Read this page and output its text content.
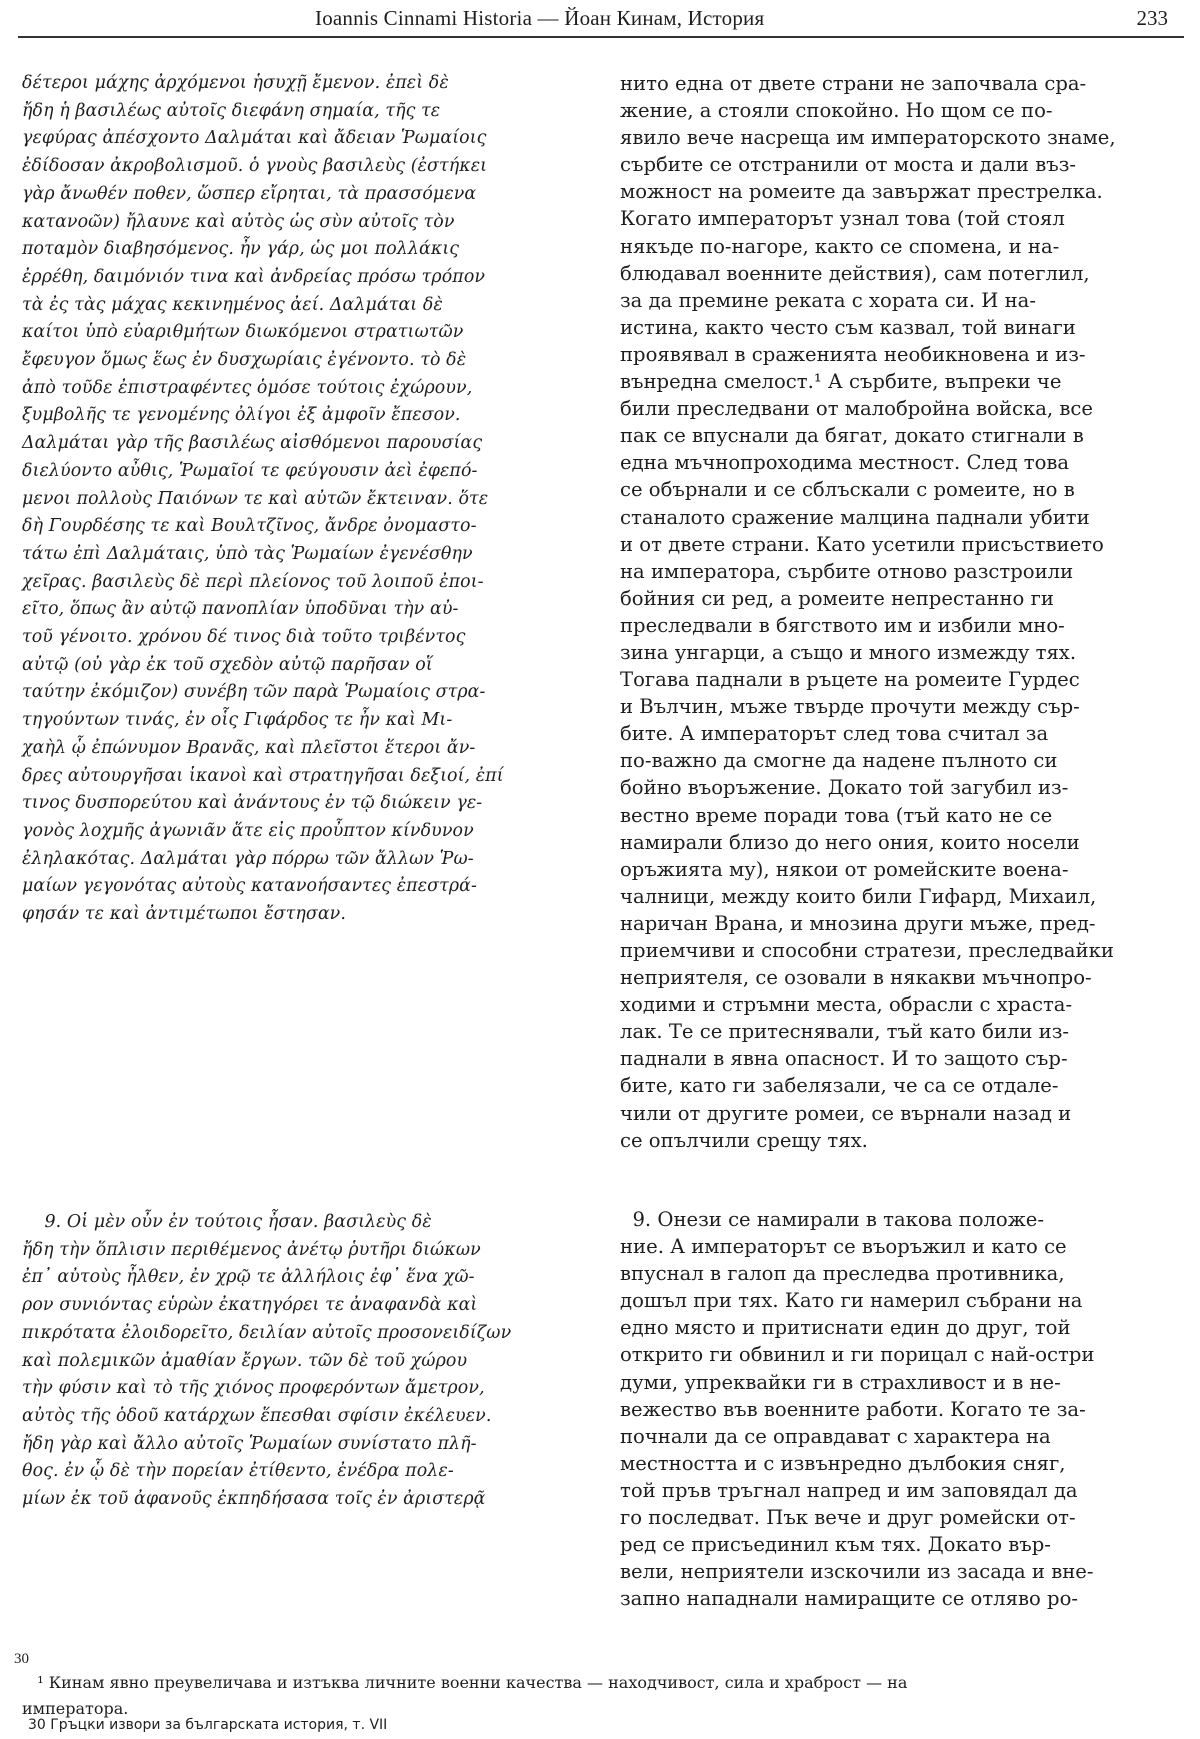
Ioannis Cinnami Historia — Йоан Кинам, История	233

δέτεροι μάχης ἀρχόμενοι ἡσυχῇ ἔμενον. ἐπεὶ δὲ

ἤδη ἡ βασιλέως αὐτοῖς διεφάνη σημαία, τῆς τε

γεφύρας ἀπέσχοντο Δαλμάται καὶ ἄδειαν Ῥωμαίοις

ἐδίδοσαν ἀκροβολισμοῦ. ὁ γνοὺς βασιλεὺς (ἐστήκει

γὰρ ἄνωθέν ποθεν, ὥσπερ εἴρηται, τὰ πρασσόμενα

κατανοῶν) ἤλαυνε καὶ αὐτὸς ὡς σὺν αὐτοῖς τὸν

ποταμὸν διαβησόμενος. ἦν γάρ, ὡς μοι πολλάκις

ἐρρέθη, δαιμόνιόν τινα καὶ ἀνδρείας πρόσω τρόπον

τὰ ἐς τὰς μάχας κεκινημένος ἀεί. Δαλμάται δὲ

καίτοι ὑπὸ εὐαριθμήτων διωκόμενοι στρατιωτῶν

ἔφευγον ὅμως ἕως ἐν δυσχωρίαις ἐγένοντο. τὸ δὲ

ἀπὸ τοῦδε ἐπιστραφέντες ὁμόσε τούτοις ἐχώρουν,

ξυμβολῆς τε γενομένης ὀλίγοι ἐξ ἀμφοῖν ἔπεσον.

Δαλμάται γὰρ τῆς βασιλέως αἰσθόμενοι παρουσίας

διελύοντο αὖθις, Ῥωμαῖοί τε φεύγουσιν ἀεὶ ἐφεπό-

μενοι πολλοὺς Παιόνων τε καὶ αὐτῶν ἔκτειναν. ὅτε

δὴ Γουρδέσης τε καὶ Βουλτζῖνος, ἄνδρε ὀνομαστο-

τάτω ἐπὶ Δαλμάταις, ὑπὸ τὰς Ῥωμαίων ἐγενέσθην

χεῖρας. βασιλεὺς δὲ περὶ πλείονος τοῦ λοιποῦ ἐποι-

εῖτο, ὅπως ἂν αὐτῷ πανοπλίαν ὑποδῦναι τὴν αὐ-

τοῦ γένοιτο. χρόνου δέ τινος διὰ τοῦτο τριβέντος

αὐτῷ (οὐ γὰρ ἐκ τοῦ σχεδὸν αὐτῷ παρῆσαν οἵ

ταύτην ἐκόμιζον) συνέβη τῶν παρὰ Ῥωμαίοις στρα-

τηγούντων τινάς, ἐν οἷς Γιφάρδος τε ἦν καὶ Μι-

χαὴλ ᾧ ἐπώνυμον Βρανᾶς, καὶ πλεῖστοι ἕτεροι ἄν-

δρες αὐτουργῆσαι ἱκανοὶ καὶ στρατηγῆσαι δεξιοί, ἐπί

τινος δυσπορεύτου καὶ ἀνάντους ἐν τῷ διώκειν γε-

γονὸς λοχμῆς ἀγωνιᾶν ἅτε εἰς προὖπτον κίνδυνον

ἐληλακότας. Δαλμάται γὰρ πόρρω τῶν ἄλλων Ῥω-

μαίων γεγονότας αὐτοὺς κατανοήσαντες ἐπεστρά-

φησάν τε καὶ ἀντιμέτωποι ἔστησαν.

9. Οἱ μὲν οὖν ἐν τούτοις ἦσαν. βασιλεὺς δὲ

ἤδη τὴν ὅπλισιν περιθέμενος ἀνέτῳ ῥυτῆρι διώκων

ἐπ᾽ αὐτοὺς ἦλθεν, ἐν χρῷ τε ἀλλήλοις ἐφ᾽ ἕνα χῶ-

ρον συνιόντας εὑρὼν ἐκατηγόρει τε ἀναφανδὰ καὶ

πικρότατα ἐλοιδορεῖτο, δειλίαν αὐτοῖς προσονειδίζων

καὶ πολεμικῶν ἀμαθίαν ἔργων. τῶν δὲ τοῦ χώρου

τὴν φύσιν καὶ τὸ τῆς χιόνος προφερόντων ἄμετρον,

αὐτὸς τῆς ὁδοῦ κατάρχων ἕπεσθαι σφίσιν ἐκέλευεν.

ἤδη γὰρ καὶ ἄλλο αὐτοῖς Ῥωμαίων συνίστατο πλῆ-

θος. ἐν ᾧ δὲ τὴν πορείαν ἐτίθεντο, ἐνέδρα πολε-

μίων ἐκ τοῦ ἀφανοῦς ἐκπηδήσασα τοῖς ἐν ἀριστερᾷ

нито една от двете страни не започвала сра-

жение, а стояли спокойно. Но щом се по-

явило вече насреща им императорското знаме,

сърбите се отстранили от моста и дали въз-

можност на ромеите да завържат престрелка.

Когато императорът узнал това (той стоял

някъде по-нагоре, както се спомена, и на-

блюдавал военните действия), сам потеглил,

за да премине реката с хората си. И на-

истина, както често съм казвал, той винаги

проявявал в сраженията необикновена и из-

вънредна смелост.¹ А сърбите, въпреки че

били преследвани от малобройна войска, все

пак се впуснали да бягат, докато стигнали в

една мъчнопроходима местност. След това

се обърнали и се сблъскали с ромеите, но в

станалото сражение малцина паднали убити

и от двете страни. Като усетили присъствието

на императора, сърбите отново разстроили

бойния си ред, а ромеите непрестанно ги

преследвали в бягството им и избили мно-

зина унгарци, а също и много измежду тях.

Тогава паднали в ръцете на ромеите Гурдес

и Вълчин, мъже твърде прочути между сър-

бите. А императорът след това считал за

по-важно да смогне да надене пълното си

бойно въоръжение. Докато той загубил из-

вестно време поради това (тъй като не се

намирали близо до него ония, които носели

оръжията му), някои от ромейските воена-

чалници, между които били Гифард, Михаил,

наричан Врана, и мнозина други мъже, пред-

приемчиви и способни стратези, преследвайки

неприятеля, се озовали в някакви мъчнопро-

ходими и стръмни места, обрасли с храста-

лак. Те се притеснявали, тъй като били из-

паднали в явна опасност. И то защото сър-

бите, като ги забелязали, че са се отдале-

чили от другите ромеи, се върнали назад и

се опълчили срещу тях.

9. Онези се намирали в такова положе-

ние. А императорът се въоръжил и като се

впуснал в галоп да преследва противника,

дошъл при тях. Като ги намерил събрани на

едно място и притиснати един до друг, той

открито ги обвинил и ги порицал с най-остри

думи, упреквайки ги в страхливост и в не-

вежество във военните работи. Когато те за-

почнали да се оправдават с характера на

местността и с извънредно дълбокия сняг,

той пръв тръгнал напред и им заповядал да

го последват. Пък вече и друг ромейски от-

ред се присъединил към тях. Докато вър-

вели, неприятели изскочили из засада и вне-

запно нападнали намиращите се отляво ро-

30

¹ Кинам явно преувеличава и изтъква личните военни качества — находчивост, сила и храброст — на

императора.

30 Гръцки извори за българската история, т. VII
